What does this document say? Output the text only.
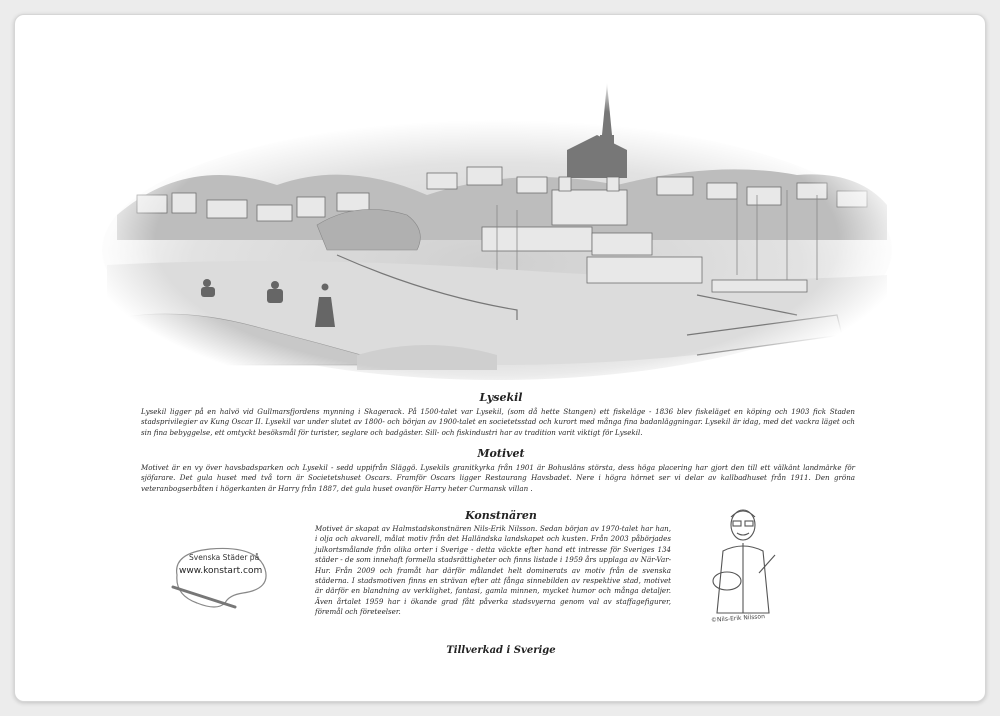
Lysekil
Lysekil ligger på en halvö vid Gullmarsfjordens mynning i Skagerack. På 1500-talet var Lysekil, (som då hette Stangen) ett fiskeläge - 1836 blev fiskeläget en köping och 1903 fick Staden stadsprivilegier av Kung Oscar II. Lysekil var under slutet av 1800- och början av 1900-talet en societetsstad och kurort med många fina badanläggningar. Lysekil är idag, med det vackra läget och sin fina bebyggelse, ett omtyckt besöksmål för turister, seglare och badgäster. Sill- och fiskindustri har av tradition varit viktigt för Lysekil.
Motivet
Motivet är en vy över havsbadsparken och Lysekil - sedd uppifrån Släggö. Lysekils granitkyrka från 1901 är Bohusläns största, dess höga placering har gjort den till ett välkänt landmärke för sjöfarare. Det gula huset med två torn är Societetshuset Oscars. Framför Oscars ligger Restaurang Havsbadet. Nere i högra hörnet ser vi delar av kallbadhuset från 1911. Den gröna veteranbogserbåten i högerkanten är Harry från 1887, det gula huset ovanför Harry heter Curmansk villan .
Konstnären
Motivet är skapat av Halmstadskonstnären Nils-Erik Nilsson. Sedan början av 1970-talet har han, i olja och akvarell, målat motiv från det Halländska landskapet och kusten. Från 2003 påbörjades julkortsmålande från olika orter i Sverige - detta väckte efter hand ett intresse för Sveriges 134 städer - de som innehaft formella stadsrättigheter och finns listade i 1959 års upplaga av När-Var-Hur. Från 2009 och framåt har därför målandet helt dominerats av motiv från de svenska städerna. I stadsmotiven finns en strävan efter att fånga sinnebilden av respektive stad, motivet är därför en blandning av verklighet, fantasi, gamla minnen, mycket humor och många detaljer. Även årtalet 1959 har i ökande grad fått påverka stadsvyerna genom val av staffagefigurer, föremål och företeelser.
Svenska Städer på
www.konstart.com
©Nils-Erik Nilsson
Tillverkad i Sverige
